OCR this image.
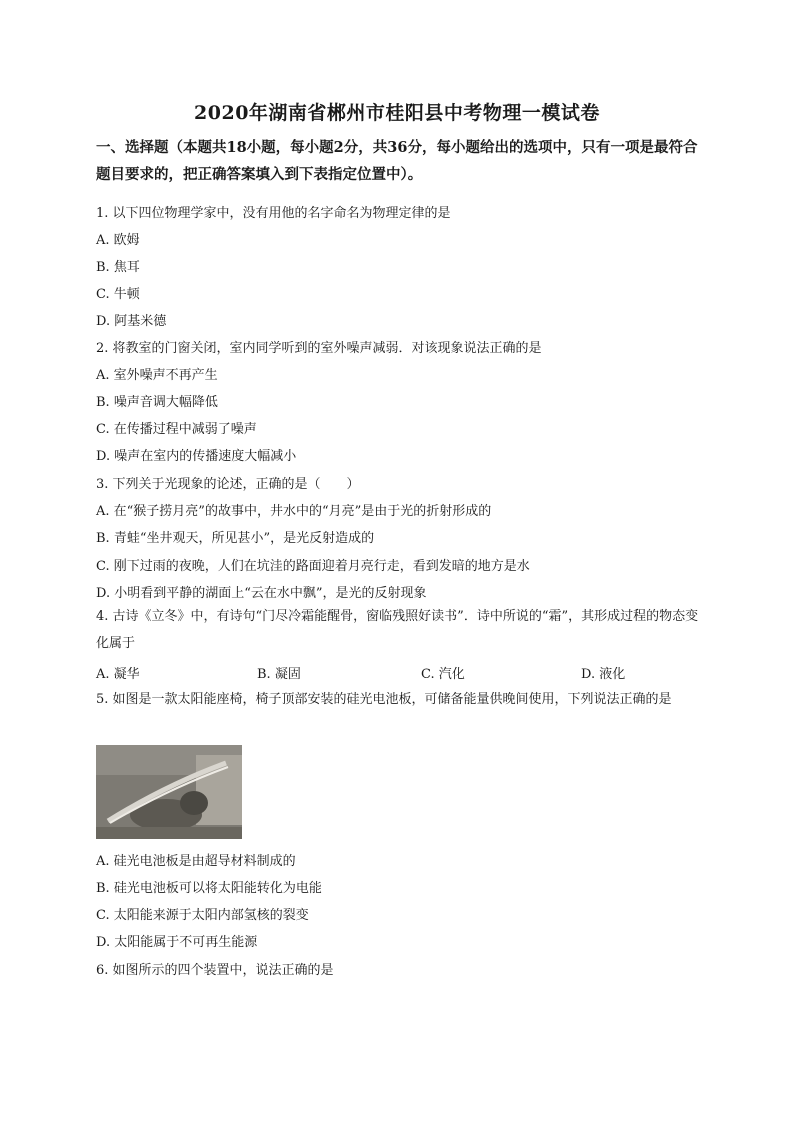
2020年湖南省郴州市桂阳县中考物理一模试卷
一、选择题（本题共18小题，每小题2分，共36分，每小题给出的选项中，只有一项是最符合题目要求的，把正确答案填入到下表指定位置中）。
1. 以下四位物理学家中，没有用他的名字命名为物理定律的是
A. 欧姆
B. 焦耳
C. 牛顿
D. 阿基米德
2. 将教室的门窗关闭，室内同学听到的室外噪声减弱．对该现象说法正确的是
A. 室外噪声不再产生
B. 噪声音调大幅降低
C. 在传播过程中减弱了噪声
D. 噪声在室内的传播速度大幅减小
3. 下列关于光现象的论述，正确的是（　　）
A. 在“猴子捞月亮”的故事中，井水中的“月亮”是由于光的折射形成的
B. 青蛙“坐井观天，所见甚小”，是光反射造成的
C. 刚下过雨的夜晚，人们在坑洼的路面迎着月亮行走，看到发暗的地方是水
D. 小明看到平静的湖面上“云在水中飘”，是光的反射现象
4. 古诗《立冬》中，有诗句“门尽冷霜能醒骨，窗临残照好读书”．诗中所说的“霜”，其形成过程的物态变化属于
A. 凝华	B. 凝固	C. 汽化	D. 液化
5. 如图是一款太阳能座椅，椅子顶部安装的硅光电池板，可储备能量供晚间使用，下列说法正确的是
A. 硅光电池板是由超导材料制成的
B. 硅光电池板可以将太阳能转化为电能
C. 太阳能来源于太阳内部氢核的裂变
D. 太阳能属于不可再生能源
6. 如图所示的四个装置中，说法正确的是
